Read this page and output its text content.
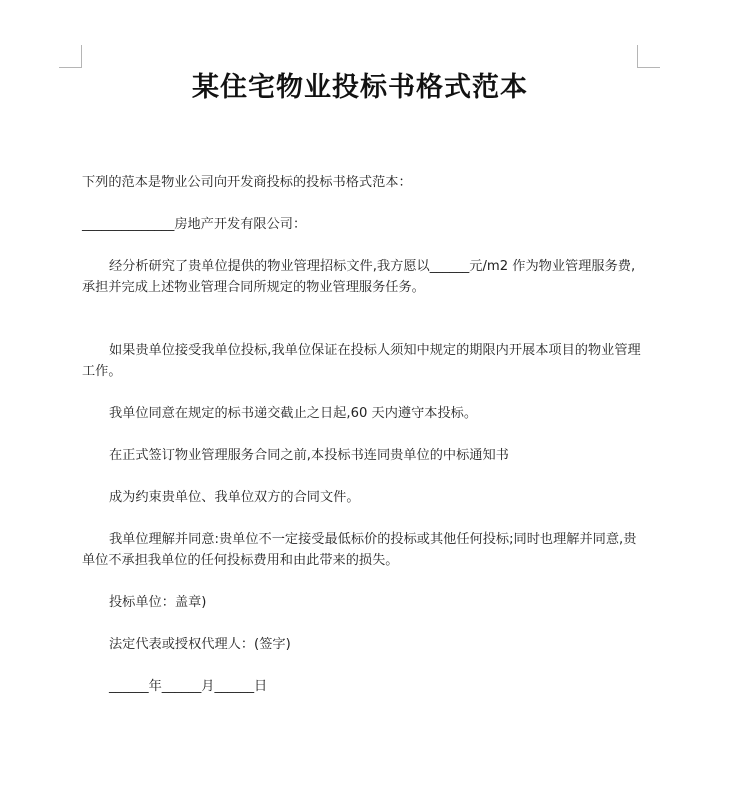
某住宅物业投标书格式范本

下列的范本是物业公司向开发商投标的投标书格式范本：

______________房地产开发有限公司：

经分析研究了贵单位提供的物业管理招标文件,我方愿以______元/m2 作为物业管理服务费,承担并完成上述物业管理合同所规定的物业管理服务任务。

如果贵单位接受我单位投标,我单位保证在投标人须知中规定的期限内开展本项目的物业管理工作。

我单位同意在规定的标书递交截止之日起,60 天内遵守本投标。

在正式签订物业管理服务合同之前,本投标书连同贵单位的中标通知书

成为约束贵单位、我单位双方的合同文件。

我单位理解并同意:贵单位不一定接受最低标价的投标或其他任何投标;同时也理解并同意,贵单位不承担我单位的任何投标费用和由此带来的损失。

投标单位：盖章)

法定代表或授权代理人：(签字)

______年______月______日
